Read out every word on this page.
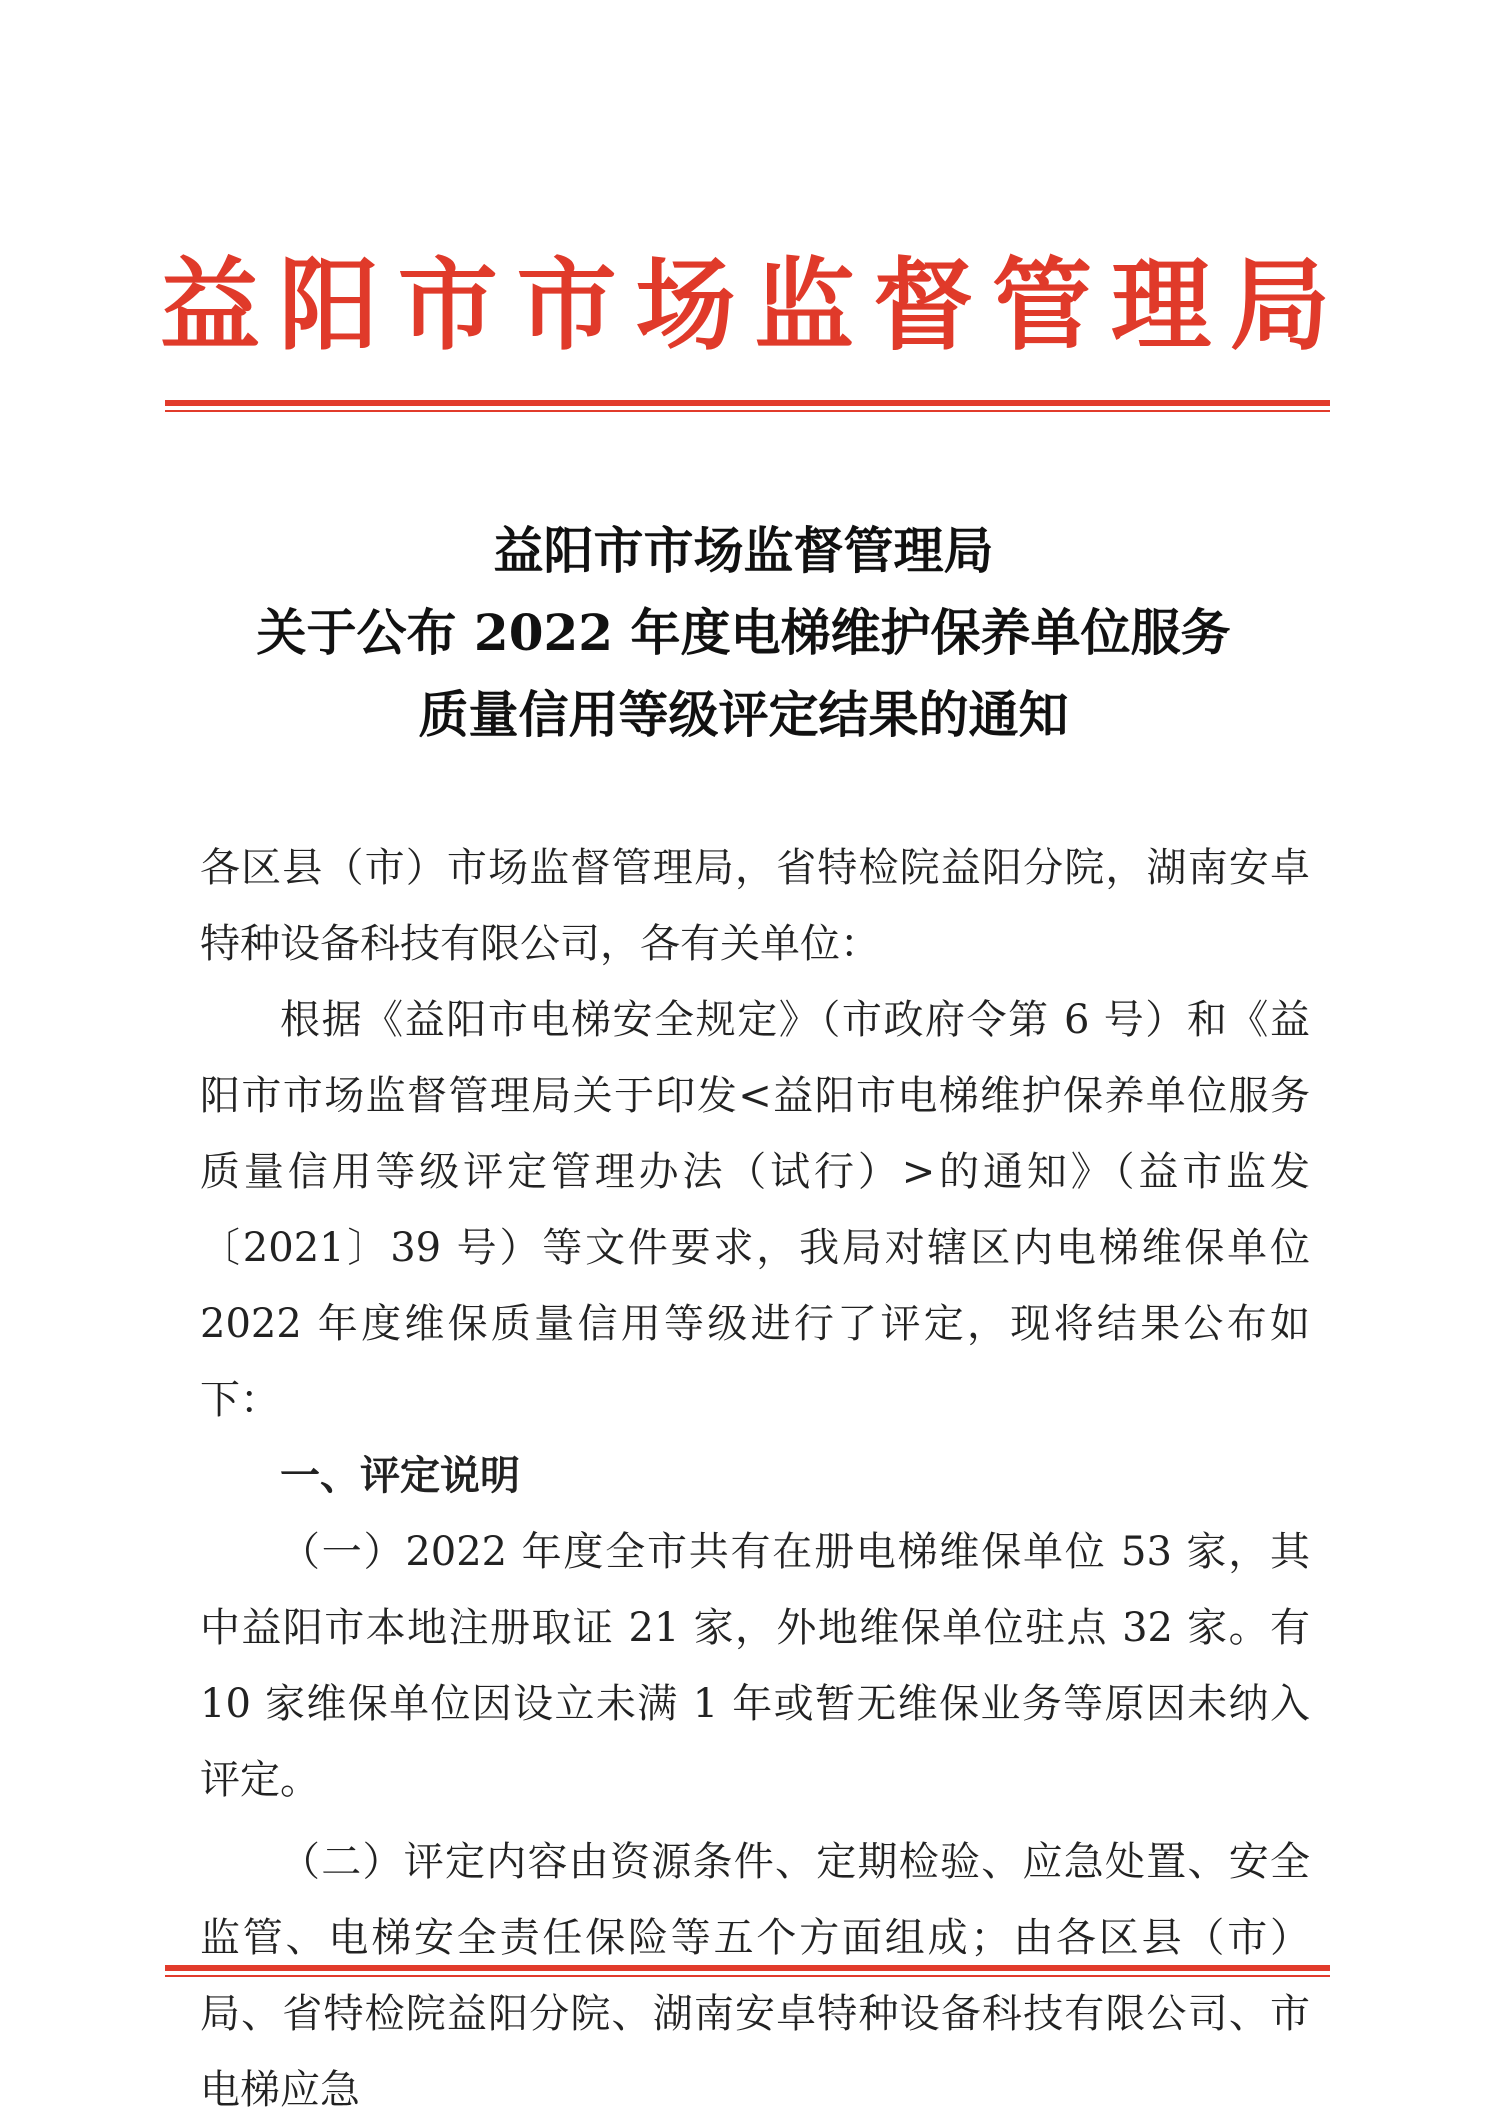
益 阳 市 市 场 监 督 管 理 局
益阳市市场监督管理局
关于公布 2022 年度电梯维护保养单位服务
质量信用等级评定结果的通知
各区县（市）市场监督管理局，省特检院益阳分院，湖南安卓特种设备科技有限公司，各有关单位：
根据《益阳市电梯安全规定》（市政府令第 6 号）和《益阳市市场监督管理局关于印发<益阳市电梯维护保养单位服务质量信用等级评定管理办法（试行）>的通知》（益市监发〔2021〕39 号）等文件要求，我局对辖区内电梯维保单位 2022 年度维保质量信用等级进行了评定，现将结果公布如下：
一、评定说明
（一）2022 年度全市共有在册电梯维保单位 53 家，其中益阳市本地注册取证 21 家，外地维保单位驻点 32 家。有 10 家维保单位因设立未满 1 年或暂无维保业务等原因未纳入评定。
（二）评定内容由资源条件、定期检验、应急处置、安全监管、电梯安全责任保险等五个方面组成；由各区县（市）局、省特检院益阳分院、湖南安卓特种设备科技有限公司、市电梯应急
